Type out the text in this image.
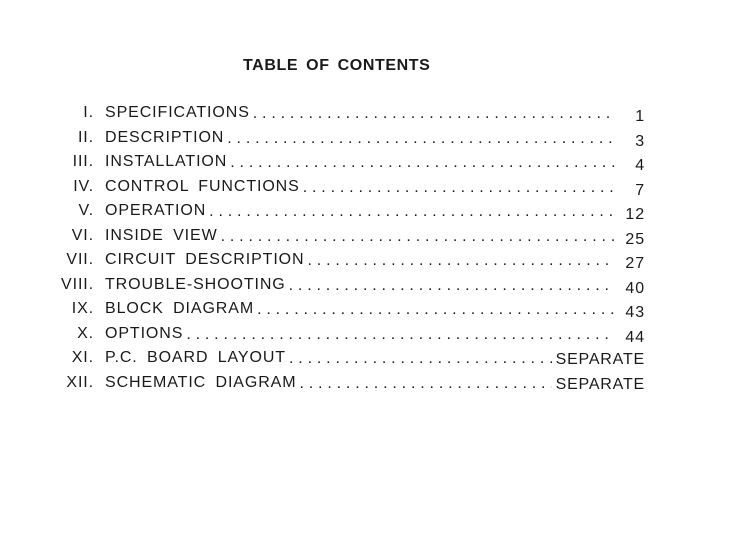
TABLE OF CONTENTS
I. SPECIFICATIONS . . .	1
II. DESCRIPTION . . .	3
III. INSTALLATION . . .	4
IV. CONTROL FUNCTIONS . . .	7
V. OPERATION . . .	12
VI. INSIDE VIEW . . .	25
VII. CIRCUIT DESCRIPTION . . .	27
VIII. TROUBLE-SHOOTING . . .	40
IX. BLOCK DIAGRAM . . .	43
X. OPTIONS . . .	44
XI. P.C. BOARD LAYOUT . . .	SEPARATE
XII. SCHEMATIC DIAGRAM . . .	SEPARATE
